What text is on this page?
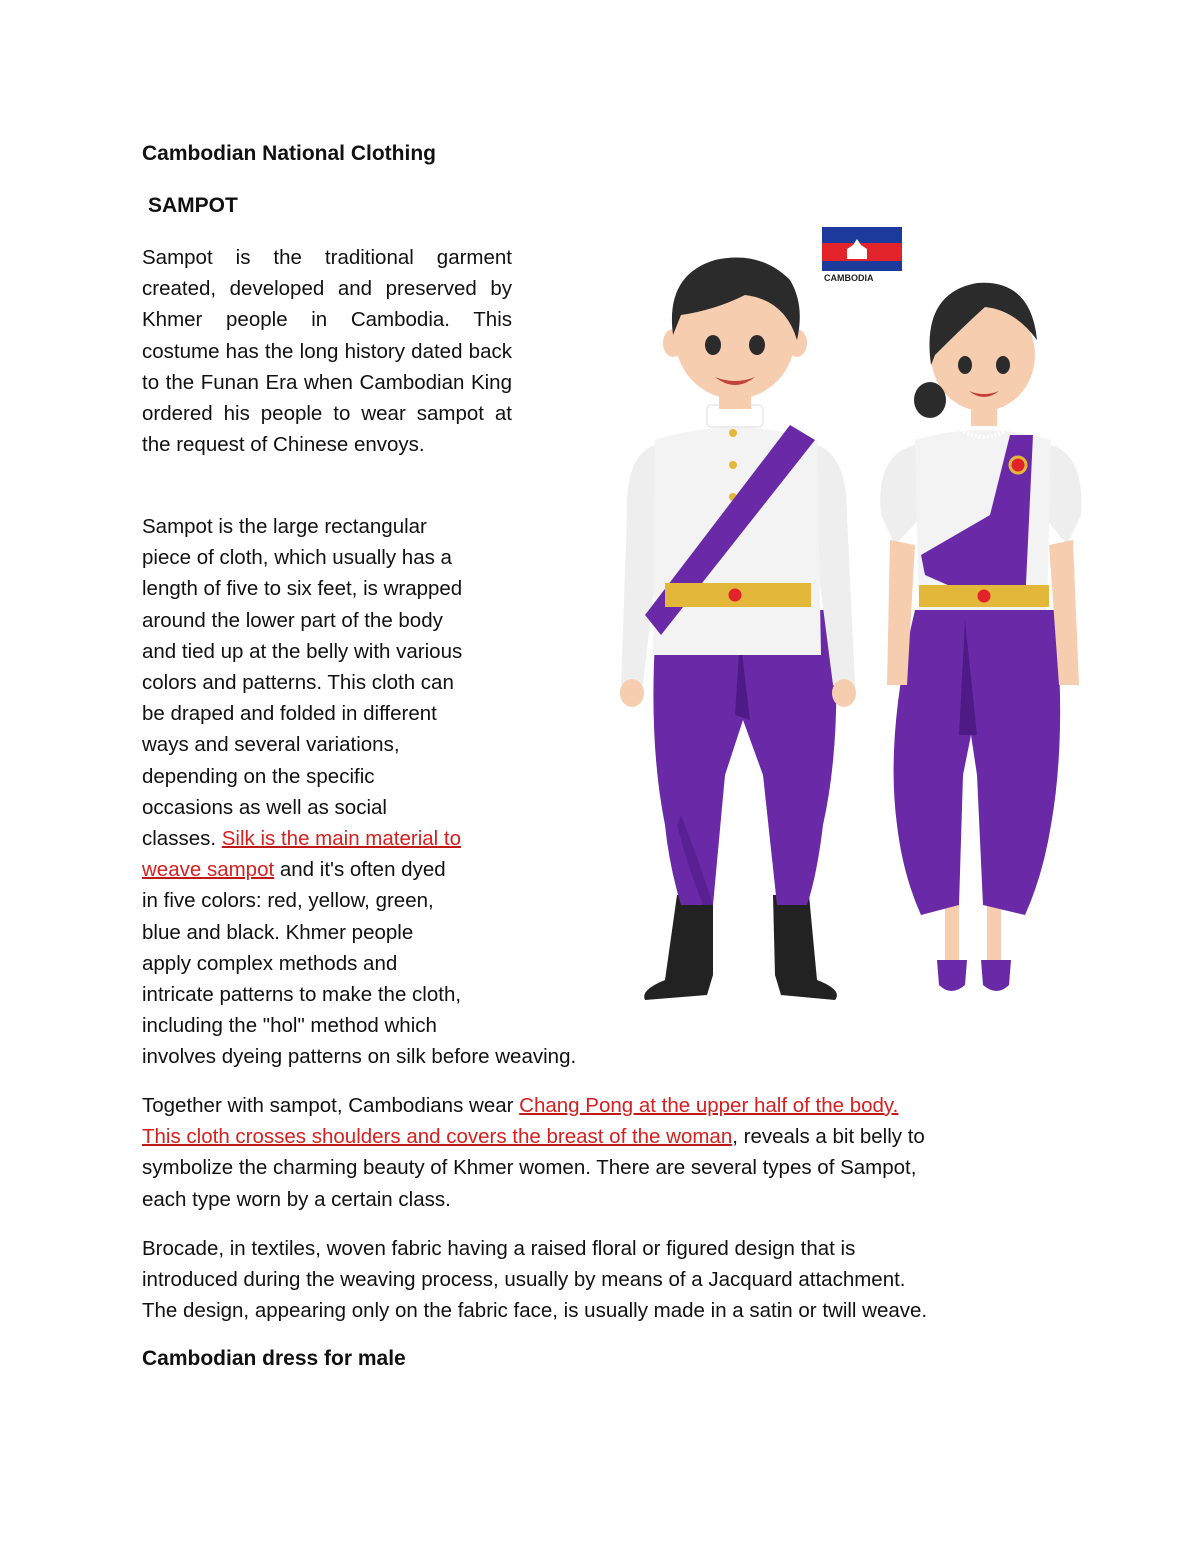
Cambodian National Clothing
SAMPOT

Sampot is the traditional garment created, developed and preserved by Khmer people in Cambodia. This costume has the long history dated back to the Funan Era when Cambodian King ordered his people to wear sampot at the request of Chinese envoys.

Sampot is the large rectangular
piece of cloth, which usually has a
length of five to six feet, is wrapped
around the lower part of the body
and tied up at the belly with various
colors and patterns. This cloth can
be draped and folded in different
ways and several variations,
depending on the specific
occasions as well as social
classes. Silk is the main material to
weave sampot and it's often dyed
in five colors: red, yellow, green,
blue and black. Khmer people
apply complex methods and
intricate patterns to make the cloth,
including the "hol" method which
involves dyeing patterns on silk before weaving.

Together with sampot, Cambodians wear Chang Pong at the upper half of the body.
This cloth crosses shoulders and covers the breast of the woman, reveals a bit belly to
symbolize the charming beauty of Khmer women. There are several types of Sampot,
each type worn by a certain class.

Brocade, in textiles, woven fabric having a raised floral or figured design that is
introduced during the weaving process, usually by means of a Jacquard attachment.
The design, appearing only on the fabric face, is usually made in a satin or twill weave.

Cambodian dress for male
CAMBODIA
